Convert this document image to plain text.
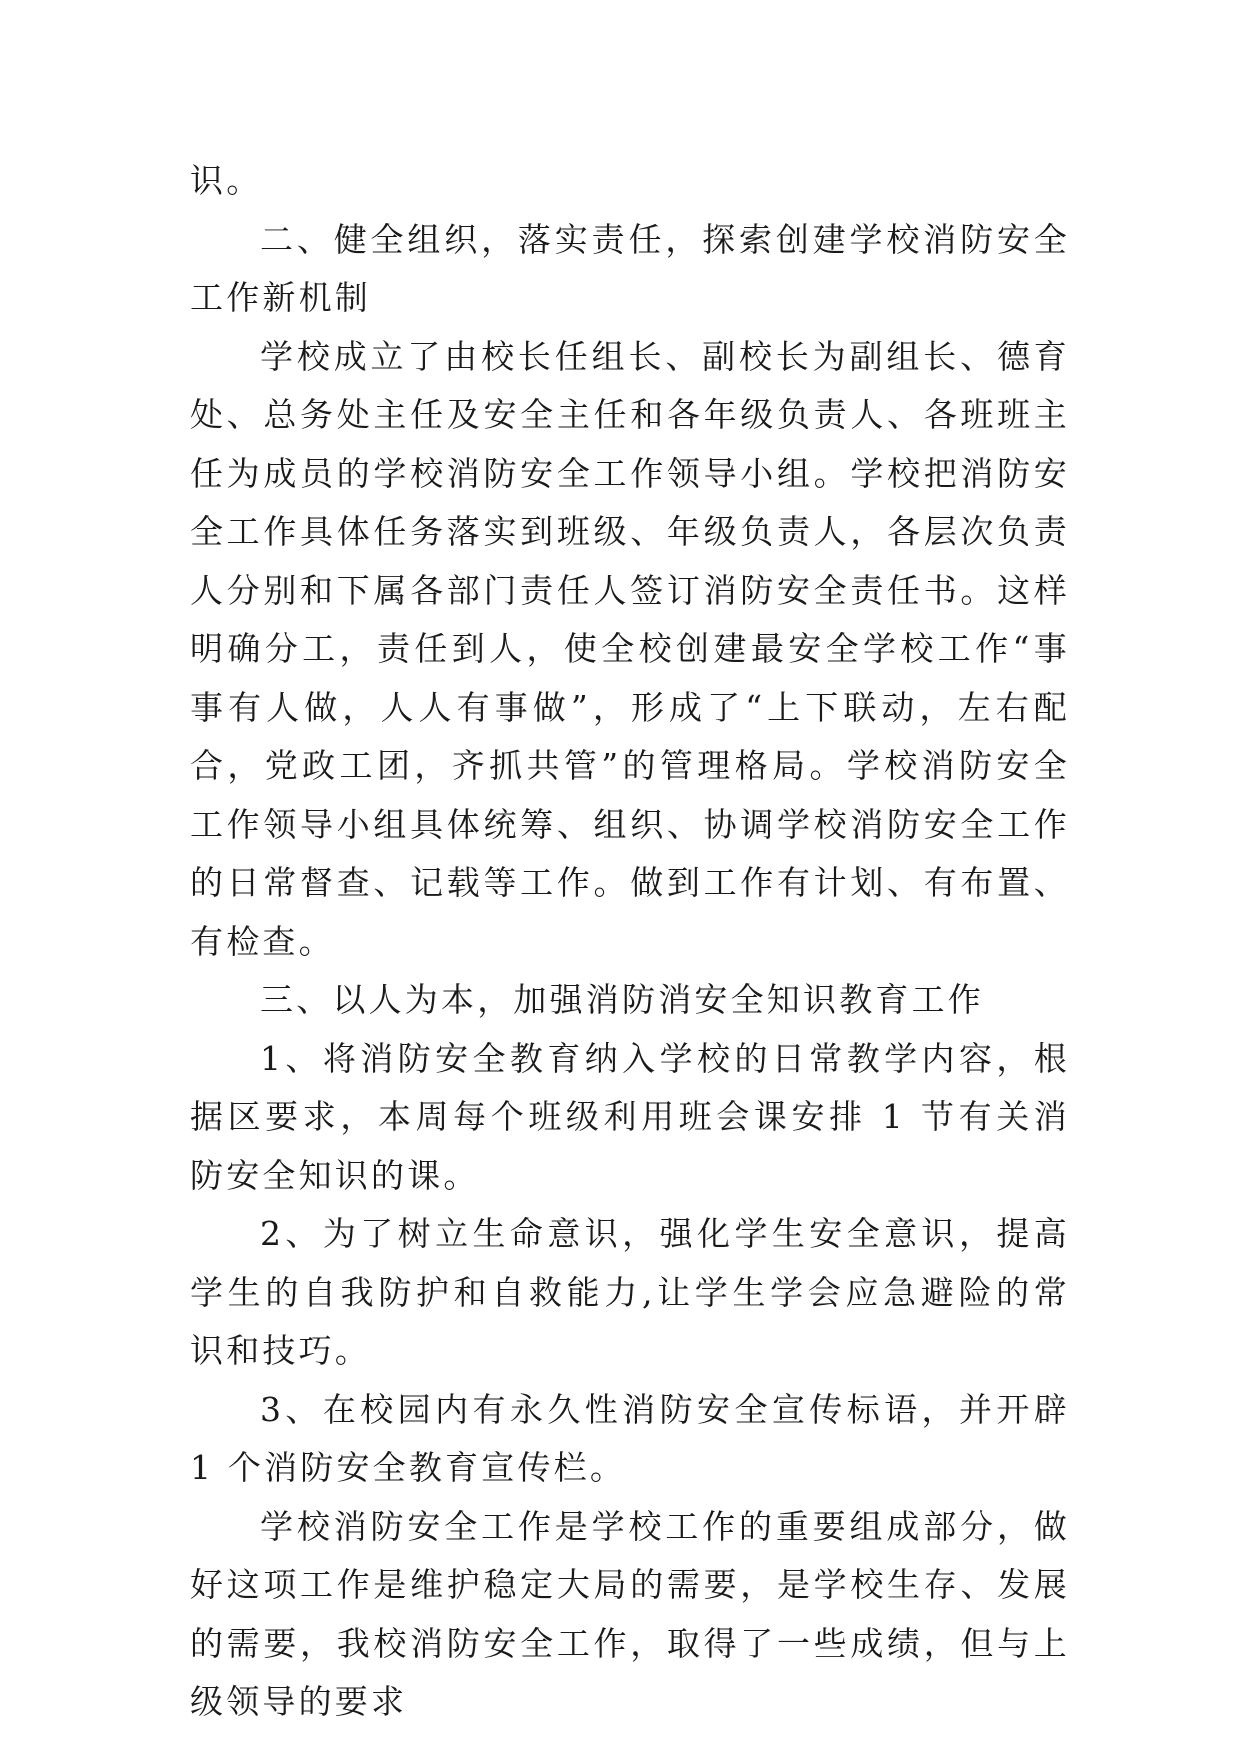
识。

二、健全组织，落实责任，探索创建学校消防安全工作新机制

学校成立了由校长任组长、副校长为副组长、德育处、总务处主任及安全主任和各年级负责人、各班班主任为成员的学校消防安全工作领导小组。学校把消防安全工作具体任务落实到班级、年级负责人，各层次负责人分别和下属各部门责任人签订消防安全责任书。这样明确分工，责任到人，使全校创建最安全学校工作“事事有人做，人人有事做”，形成了“上下联动，左右配合，党政工团，齐抓共管”的管理格局。学校消防安全工作领导小组具体统筹、组织、协调学校消防安全工作的日常督查、记载等工作。做到工作有计划、有布置、有检查。

三、以人为本，加强消防消安全知识教育工作

1、将消防安全教育纳入学校的日常教学内容，根据区要求，本周每个班级利用班会课安排 1 节有关消防安全知识的课。

2、为了树立生命意识，强化学生安全意识，提高学生的自我防护和自救能力,让学生学会应急避险的常识和技巧。

3、在校园内有永久性消防安全宣传标语，并开辟 1 个消防安全教育宣传栏。

学校消防安全工作是学校工作的重要组成部分，做好这项工作是维护稳定大局的需要，是学校生存、发展的需要，我校消防安全工作，取得了一些成绩，但与上级领导的要求
